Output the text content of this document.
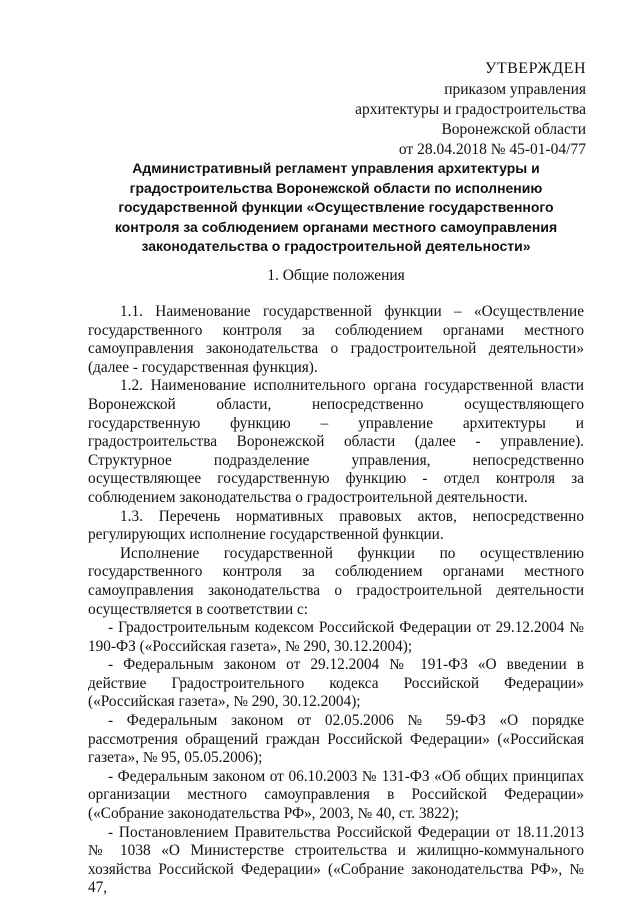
УТВЕРЖДЕН
приказом управления
архитектуры и градостроительства
Воронежской области
от 28.04.2018 № 45-01-04/77
Административный регламент управления архитектуры и градостроительства Воронежской области по исполнению государственной функции «Осуществление государственного контроля за соблюдением органами местного самоуправления законодательства о градостроительной деятельности»
1. Общие положения

1.1. Наименование государственной функции – «Осуществление государственного контроля за соблюдением органами местного самоуправления законодательства о градостроительной деятельности» (далее - государственная функция).

1.2. Наименование исполнительного органа государственной власти Воронежской области, непосредственно осуществляющего государственную функцию – управление архитектуры и градостроительства Воронежской области (далее - управление). Структурное подразделение управления, непосредственно осуществляющее государственную функцию - отдел контроля за соблюдением законодательства о градостроительной деятельности.

1.3. Перечень нормативных правовых актов, непосредственно регулирующих исполнение государственной функции.

Исполнение государственной функции по осуществлению государственного контроля за соблюдением органами местного самоуправления законодательства о градостроительной деятельности осуществляется в соответствии с:

- Градостроительным кодексом Российской Федерации от 29.12.2004 № 190-ФЗ («Российская газета», № 290, 30.12.2004);

- Федеральным законом от 29.12.2004 № 191-ФЗ «О введении в действие Градостроительного кодекса Российской Федерации» («Российская газета», № 290, 30.12.2004);

- Федеральным законом от 02.05.2006 № 59-ФЗ «О порядке рассмотрения обращений граждан Российской Федерации» («Российская газета», № 95, 05.05.2006);

- Федеральным законом от 06.10.2003 № 131-ФЗ «Об общих принципах организации местного самоуправления в Российской Федерации» («Собрание законодательства РФ», 2003, № 40, ст. 3822);

- Постановлением Правительства Российской Федерации от 18.11.2013 № 1038 «О Министерстве строительства и жилищно-коммунального хозяйства Российской Федерации» («Собрание законодательства РФ», № 47,
